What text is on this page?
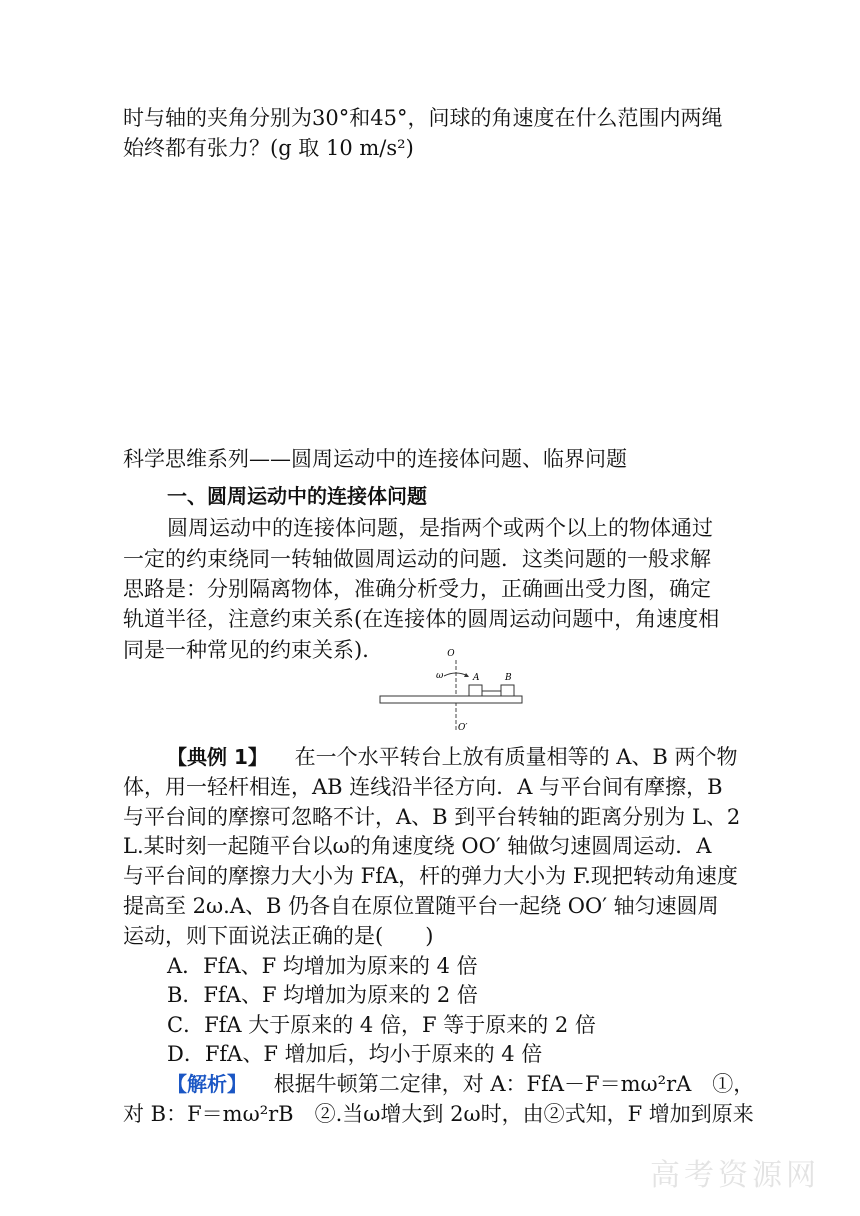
时与轴的夹角分别为30°和45°，问球的角速度在什么范围内两绳
始终都有张力？(g 取 10 m/s²)
科学思维系列——圆周运动中的连接体问题、临界问题
一、圆周运动中的连接体问题
圆周运动中的连接体问题，是指两个或两个以上的物体通过
一定的约束绕同一转轴做圆周运动的问题．这类问题的一般求解
思路是：分别隔离物体，准确分析受力，正确画出受力图，确定
轨道半径，注意约束关系(在连接体的圆周运动问题中，角速度相
同是一种常见的约束关系)．	O
ω	A	B
O′
【典例 1】 在一个水平转台上放有质量相等的 A、B 两个物
体，用一轻杆相连，AB 连线沿半径方向．A 与平台间有摩擦，B
与平台间的摩擦可忽略不计，A、B 到平台转轴的距离分别为 L、2
L.某时刻一起随平台以ω的角速度绕 OO′ 轴做匀速圆周运动．A
与平台间的摩擦力大小为 FfA，杆的弹力大小为 F.现把转动角速度
提高至 2ω.A、B 仍各自在原位置随平台一起绕 OO′ 轴匀速圆周
运动，则下面说法正确的是(　　)
A．FfA、F 均增加为原来的 4 倍
B．FfA、F 均增加为原来的 2 倍
C．FfA 大于原来的 4 倍，F 等于原来的 2 倍
D．FfA、F 增加后，均小于原来的 4 倍
【解析】 根据牛顿第二定律，对 A：FfA－F＝mω²rA　①，
对 B：F＝mω²rB　②.当ω增大到 2ω时，由②式知，F 增加到原来
高考资源网
